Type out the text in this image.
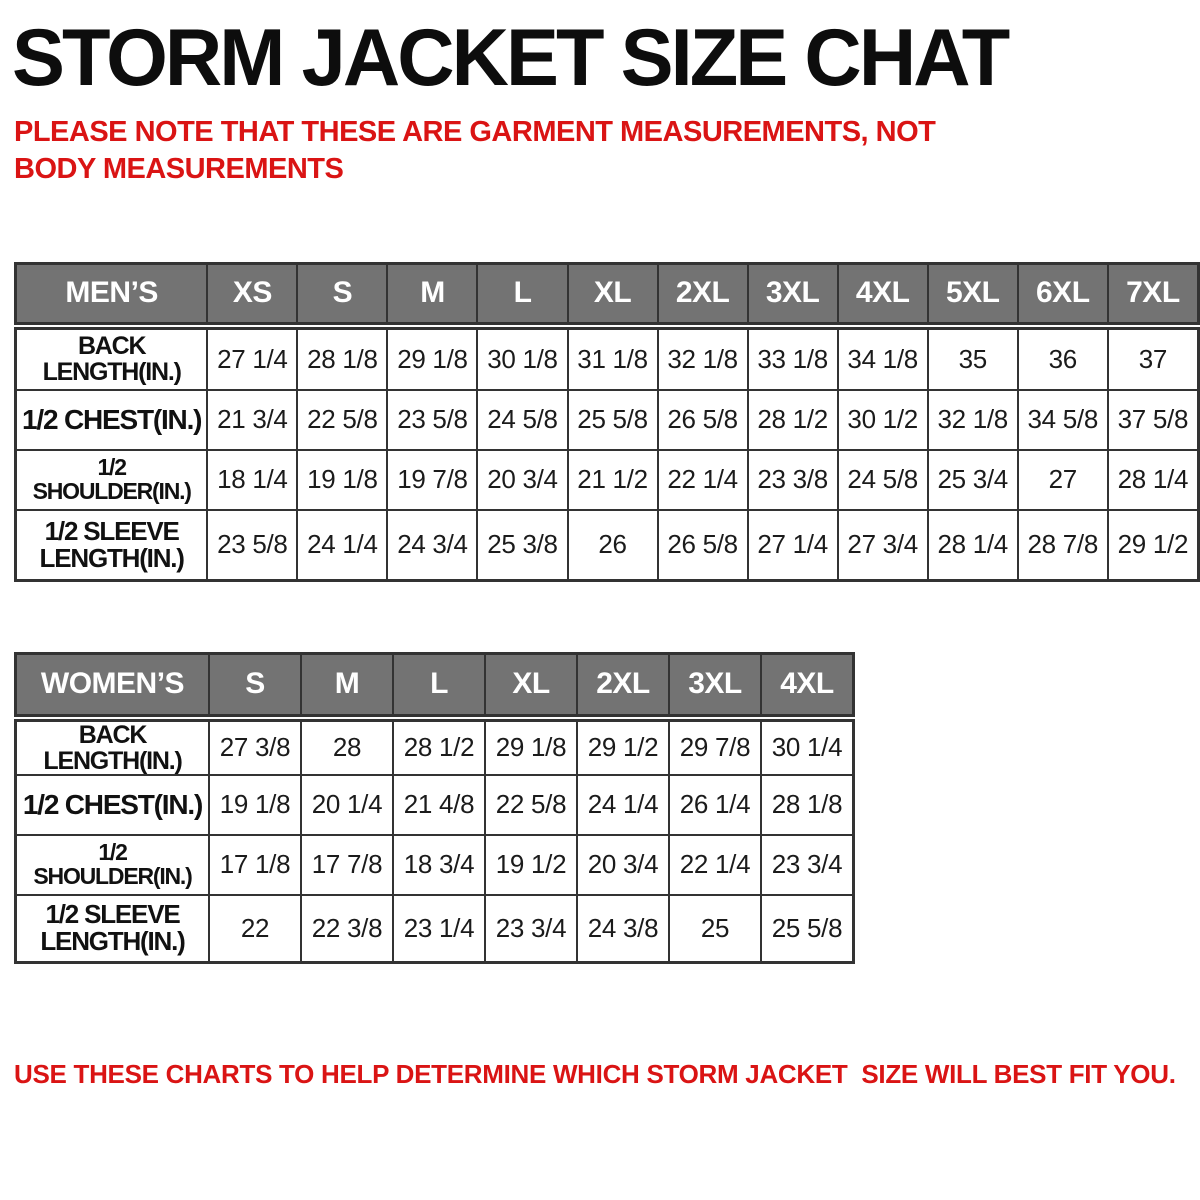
STORM JACKET SIZE CHAT

PLEASE NOTE THAT THESE ARE GARMENT MEASUREMENTS, NOT BODY MEASUREMENTS

MEN’S	XS	S	M	L	XL	2XL	3XL	4XL	5XL	6XL	7XL

BACK
LENGTH(IN.)	27 1/4	28 1/8	29 1/8	30 1/8	31 1/8	32 1/8	33 1/8	34 1/8	35	36	37

1/2 CHEST(IN.)	21 3/4	22 5/8	23 5/8	24 5/8	25 5/8	26 5/8	28 1/2	30 1/2	32 1/8	34 5/8	37 5/8

1/2 SHOULDER(IN.)	18 1/4	19 1/8	19 7/8	20 3/4	21 1/2	22 1/4	23 3/8	24 5/8	25 3/4	27	28 1/4

1/2 SLEEVE
LENGTH(IN.)	23 5/8	24 1/4	24 3/4	25 3/8	26	26 5/8	27 1/4	27 3/4	28 1/4	28 7/8	29 1/2
WOMEN’S	S	M	L	XL	2XL	3XL	4XL

BACK
LENGTH(IN.)	27 3/8	28	28 1/2	29 1/8	29 1/2	29 7/8	30 1/4

1/2 CHEST(IN.)	19 1/8	20 1/4	21 4/8	22 5/8	24 1/4	26 1/4	28 1/8

1/2 SHOULDER(IN.)	17 1/8	17 7/8	18 3/4	19 1/2	20 3/4	22 1/4	23 3/4

1/2 SLEEVE
LENGTH(IN.)	22	22 3/8	23 1/4	23 3/4	24 3/8	25	25 5/8

USE THESE CHARTS TO HELP DETERMINE WHICH STORM JACKET  SIZE WILL BEST FIT YOU.
